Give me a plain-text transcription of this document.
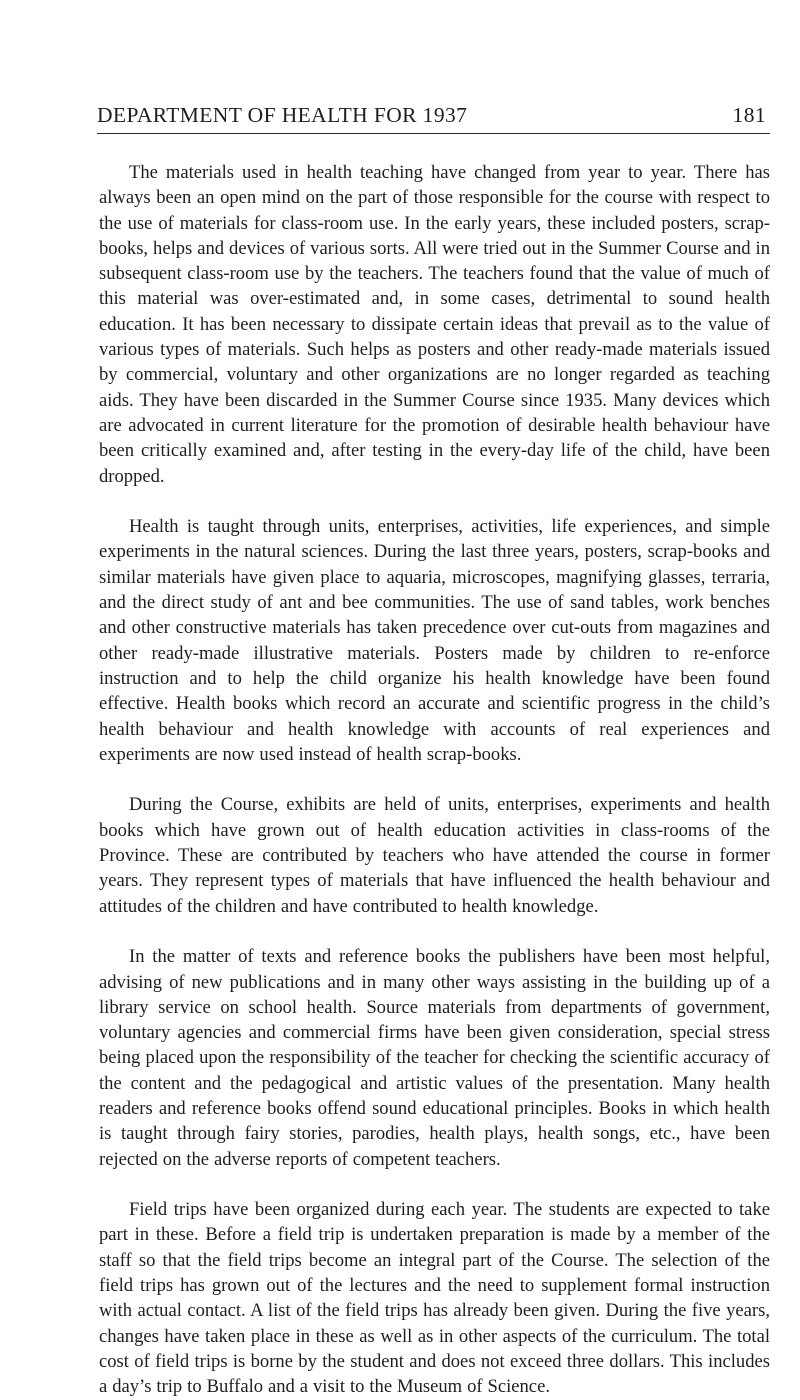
DEPARTMENT OF HEALTH FOR 1937	181

The materials used in health teaching have changed from year to year. There has always been an open mind on the part of those responsible for the course with respect to the use of materials for class-room use. In the early years, these included posters, scrap-books, helps and devices of various sorts. All were tried out in the Summer Course and in subsequent class-room use by the teachers. The teachers found that the value of much of this material was over-estimated and, in some cases, detrimental to sound health education. It has been necessary to dissipate certain ideas that prevail as to the value of various types of materials. Such helps as posters and other ready-made materials issued by commercial, voluntary and other organizations are no longer regarded as teaching aids. They have been discarded in the Summer Course since 1935. Many devices which are advocated in current literature for the promotion of desirable health behaviour have been critically examined and, after testing in the every-day life of the child, have been dropped.

Health is taught through units, enterprises, activities, life experiences, and simple experiments in the natural sciences. During the last three years, posters, scrap-books and similar materials have given place to aquaria, microscopes, magnifying glasses, terraria, and the direct study of ant and bee communities. The use of sand tables, work benches and other constructive materials has taken precedence over cut-outs from magazines and other ready-made illustrative materials. Posters made by children to re-enforce instruction and to help the child organize his health knowledge have been found effective. Health books which record an accurate and scientific progress in the child’s health behaviour and health knowledge with accounts of real experiences and experiments are now used instead of health scrap-books.

During the Course, exhibits are held of units, enterprises, experiments and health books which have grown out of health education activities in class-rooms of the Province. These are contributed by teachers who have attended the course in former years. They represent types of materials that have influenced the health behaviour and attitudes of the children and have contributed to health knowledge.

In the matter of texts and reference books the publishers have been most helpful, advising of new publications and in many other ways assisting in the building up of a library service on school health. Source materials from departments of government, voluntary agencies and commercial firms have been given consideration, special stress being placed upon the responsibility of the teacher for checking the scientific accuracy of the content and the pedagogical and artistic values of the presentation. Many health readers and reference books offend sound educational principles. Books in which health is taught through fairy stories, parodies, health plays, health songs, etc., have been rejected on the adverse reports of competent teachers.

Field trips have been organized during each year. The students are expected to take part in these. Before a field trip is undertaken preparation is made by a member of the staff so that the field trips become an integral part of the Course. The selection of the field trips has grown out of the lectures and the need to supplement formal instruction with actual contact. A list of the field trips has already been given. During the five years, changes have taken place in these as well as in other aspects of the curriculum. The total cost of field trips is borne by the student and does not exceed three dollars. This includes a day’s trip to Buffalo and a visit to the Museum of Science.
